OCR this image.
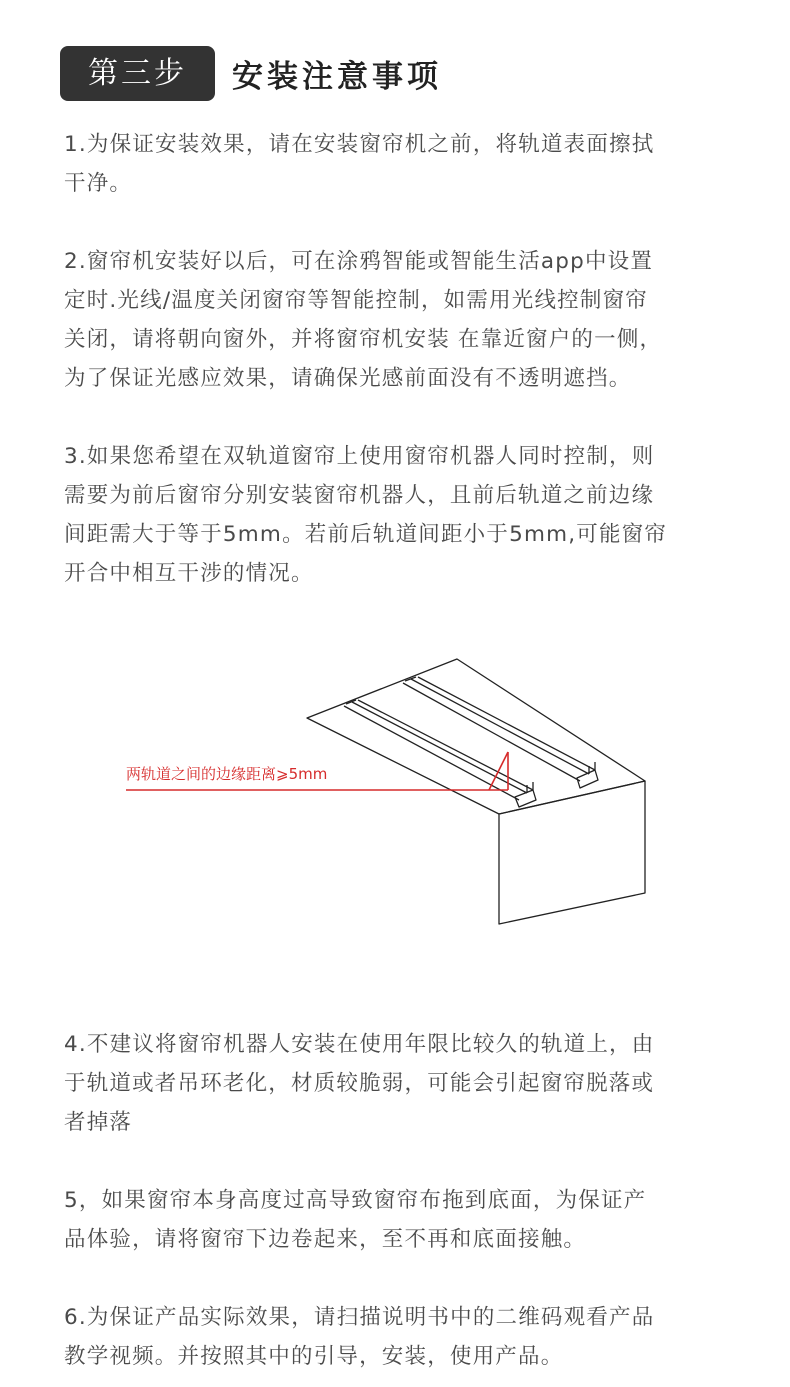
第三步	安装注意事项
1.为保证安装效果，请在安装窗帘机之前，将轨道表面擦拭
干净。
2.窗帘机安装好以后，可在涂鸦智能或智能生活app中设置
定时.光线/温度关闭窗帘等智能控制，如需用光线控制窗帘
关闭，请将朝向窗外，并将窗帘机安装 在靠近窗户的一侧，
为了保证光感应效果，请确保光感前面没有不透明遮挡。
3.如果您希望在双轨道窗帘上使用窗帘机器人同时控制，则
需要为前后窗帘分别安装窗帘机器人，且前后轨道之前边缘
间距需大于等于5mm。若前后轨道间距小于5mm,可能窗帘
开合中相互干涉的情况。
两轨道之间的边缘距离⩾5mm
4.不建议将窗帘机器人安装在使用年限比较久的轨道上，由
于轨道或者吊环老化，材质较脆弱，可能会引起窗帘脱落或
者掉落
5，如果窗帘本身高度过高导致窗帘布拖到底面，为保证产
品体验，请将窗帘下边卷起来，至不再和底面接触。
6.为保证产品实际效果，请扫描说明书中的二维码观看产品
教学视频。并按照其中的引导，安装，使用产品。
